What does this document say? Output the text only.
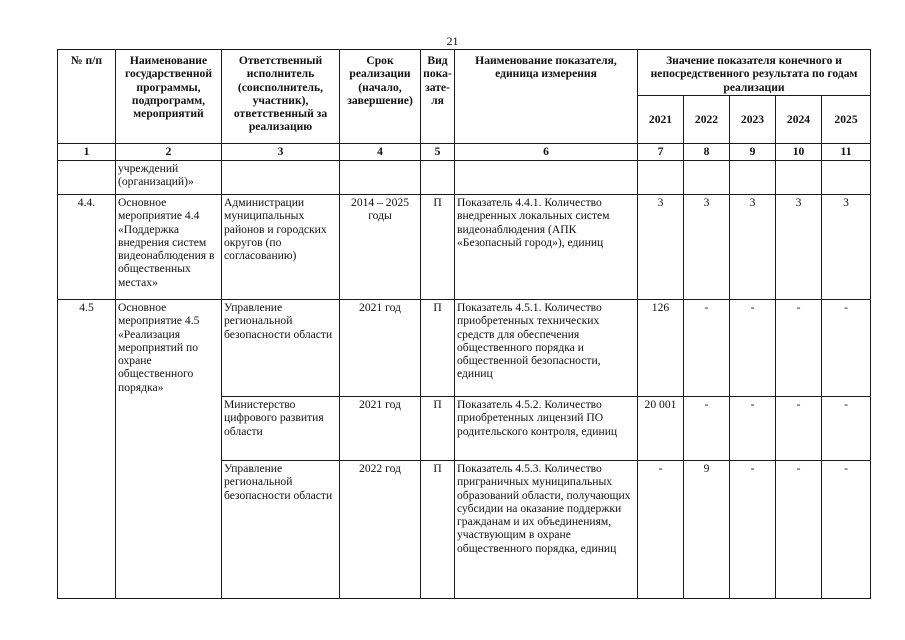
21
№ п/п	Наименование государственной программы, подпрограмм, мероприятий	Ответственный исполнитель (соисполнитель, участник), ответственный за реализацию	Срок реализации (начало, завершение)	Вид пока-зате-ля	Наименование показателя, единица измерения	Значение показателя конечного и непосредственного результата по годам реализации				
						2021	2022	2023	2024	2025
1	2	3	4	5	6	7	8	9	10	11
	учреждений (организаций)»									
4.4.	Основное мероприятие 4.4 «Поддержка внедрения систем видеонаблюдения в общественных местах»	Администрации муниципальных районов и городских округов (по согласованию)	2014 – 2025 годы	П	Показатель 4.4.1. Количество внедренных локальных систем видеонаблюдения (АПК «Безопасный город»), единиц	3	3	3	3	3
4.5	Основное мероприятие 4.5 «Реализация мероприятий по охране общественного порядка»	Управление региональной безопасности области	2021 год	П	Показатель 4.5.1. Количество приобретенных технических средств для обеспечения общественного порядка и общественной безопасности, единиц	126	-	-	-	-
		Министерство цифрового развития области	2021 год	П	Показатель 4.5.2. Количество приобретенных лицензий ПО родительского контроля, единиц	20 001	-	-	-	-
		Управление региональной безопасности области	2022 год	П	Показатель 4.5.3. Количество приграничных муниципальных образований области, получающих субсидии на оказание поддержки гражданам и их объединениям, участвующим в охране общественного порядка, единиц	-	9	-	-	-
